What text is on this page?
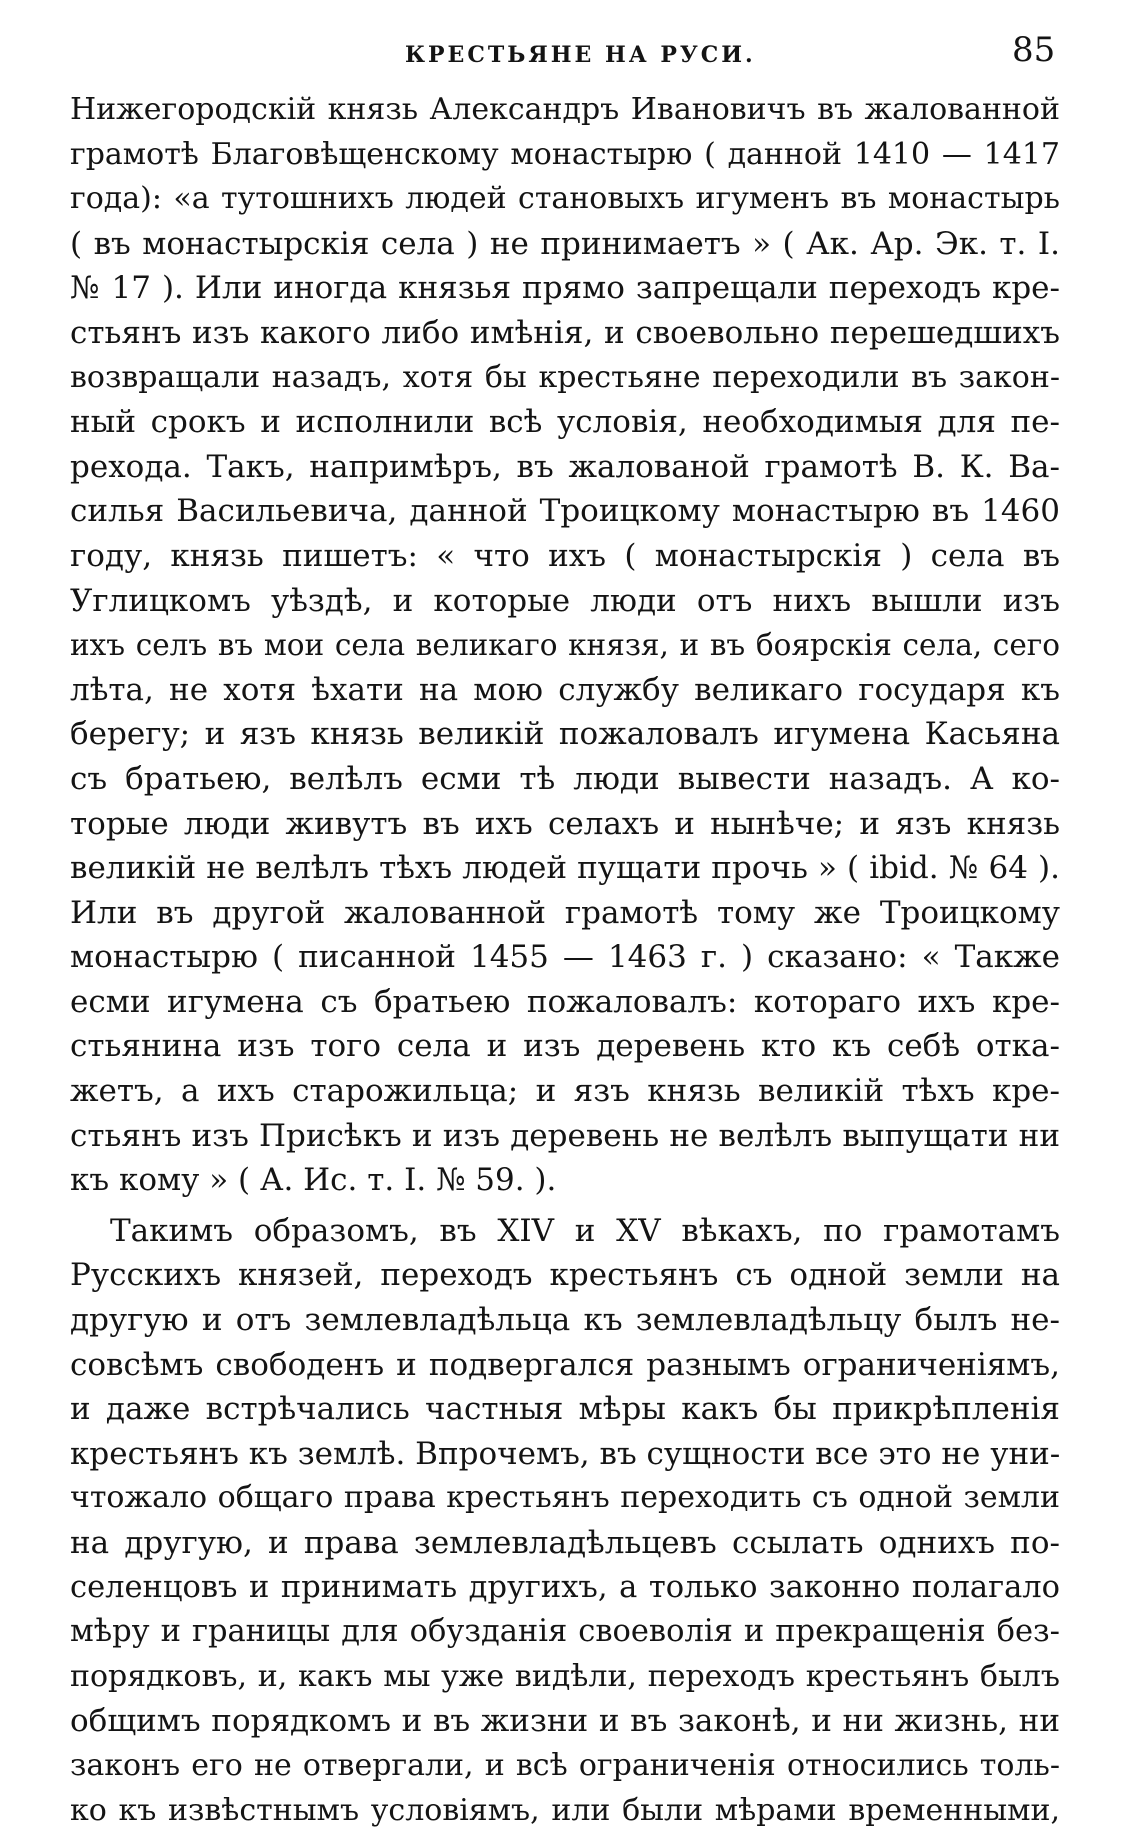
КРЕСТЬЯНЕ НА РУСИ.	85
Нижегородскій князь Александръ Ивановичъ въ жалованной
грамотѣ Благовѣщенскому монастырю ( данной 1410 — 1417
года): «а тутошнихъ людей становыхъ игуменъ въ монастырь
( въ монастырскія села ) не принимаетъ » ( Ак. Ар. Эк. т. I.
№ 17 ). Или иногда князья прямо запрещали переходъ кре-
стьянъ изъ какого либо имѣнія, и своевольно перешедшихъ
возвращали назадъ, хотя бы крестьяне переходили въ закон-
ный срокъ и исполнили всѣ условія, необходимыя для пе-
рехода. Такъ, напримѣръ, въ жалованой грамотѣ В. К. Ва-
силья Васильевича, данной Троицкому монастырю въ 1460
году, князь пишетъ: « что ихъ ( монастырскія ) села въ
Углицкомъ уѣздѣ, и которые люди отъ нихъ вышли изъ
ихъ селъ въ мои села великаго князя, и въ боярскія села, сего
лѣта, не хотя ѣхати на мою службу великаго государя къ
берегу; и язъ князь великій пожаловалъ игумена Касьяна
съ братьею, велѣлъ есми тѣ люди вывести назадъ. А ко-
торые люди живутъ въ ихъ селахъ и нынѣче; и язъ князь
великій не велѣлъ тѣхъ людей пущати прочь » ( ibid. № 64 ).
Или въ другой жалованной грамотѣ тому же Троицкому
монастырю ( писанной 1455 — 1463 г. ) сказано: « Также
есми игумена съ братьею пожаловалъ: котораго ихъ кре-
стьянина изъ того села и изъ деревень кто къ себѣ отка-
жетъ, а ихъ старожильца; и язъ князь великій тѣхъ кре-
стьянъ изъ Присѣкъ и изъ деревень не велѣлъ выпущати ни
къ кому » ( А. Ис. т. I. № 59. ).
Такимъ образомъ, въ XIV и XV вѣкахъ, по грамотамъ
Русскихъ князей, переходъ крестьянъ съ одной земли на
другую и отъ землевладѣльца къ землевладѣльцу былъ не-
совсѣмъ свободенъ и подвергался разнымъ ограниченіямъ,
и даже встрѣчались частныя мѣры какъ бы прикрѣпленія
крестьянъ къ землѣ. Впрочемъ, въ сущности все это не уни-
чтожало общаго права крестьянъ переходить съ одной земли
на другую, и права землевладѣльцевъ ссылать однихъ по-
селенцовъ и принимать другихъ, а только законно полагало
мѣру и границы для обузданія своеволія и прекращенія без-
порядковъ, и, какъ мы уже видѣли, переходъ крестьянъ былъ
общимъ порядкомъ и въ жизни и въ законѣ, и ни жизнь, ни
законъ его не отвергали, и всѣ ограниченія относились толь-
ко къ извѣстнымъ условіямъ, или были мѣрами временными,
